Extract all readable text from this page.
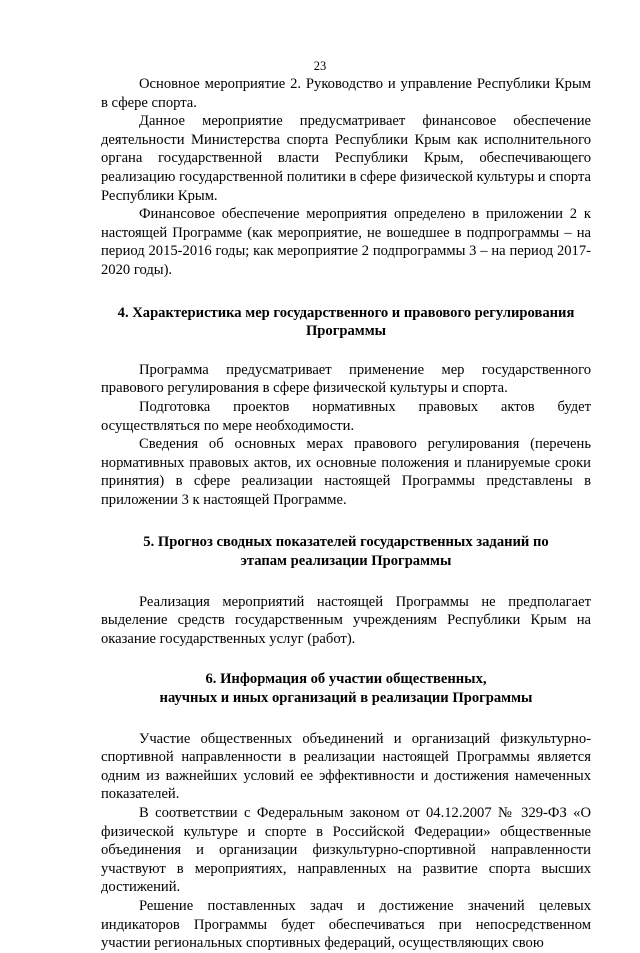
23

Основное мероприятие 2. Руководство и управление Республики Крым в сфере спорта.

Данное мероприятие предусматривает финансовое обеспечение деятельности Министерства спорта Республики Крым как исполнительного органа государственной власти Республики Крым, обеспечивающего реализацию государственной политики в сфере физической культуры и спорта Республики Крым.

Финансовое обеспечение мероприятия определено в приложении 2 к настоящей Программе (как мероприятие, не вошедшее в подпрограммы – на период 2015-2016 годы; как мероприятие 2 подпрограммы 3 – на период 2017-2020 годы).

4. Характеристика мер государственного и правового регулирования
Программы

Программа предусматривает применение мер государственного правового регулирования в сфере физической культуры и спорта.

Подготовка проектов нормативных правовых актов будет осуществляться по мере необходимости.

Сведения об основных мерах правового регулирования (перечень нормативных правовых актов, их основные положения и планируемые сроки принятия) в сфере реализации настоящей Программы представлены в приложении 3 к настоящей Программе.

5. Прогноз сводных показателей государственных заданий по
этапам реализации Программы

Реализация мероприятий настоящей Программы не предполагает выделение средств государственным учреждениям Республики Крым на оказание государственных услуг (работ).

6. Информация об участии общественных,
научных и иных организаций в реализации Программы

Участие общественных объединений и организаций физкультурно-спортивной направленности в реализации настоящей Программы является одним из важнейших условий ее эффективности и достижения намеченных показателей.

В соответствии с Федеральным законом от 04.12.2007 № 329-ФЗ «О физической культуре и спорте в Российской Федерации» общественные объединения и организации физкультурно-спортивной направленности участвуют в мероприятиях, направленных на развитие спорта высших достижений.

Решение поставленных задач и достижение значений целевых индикаторов Программы будет обеспечиваться при непосредственном участии региональных спортивных федераций, осуществляющих свою
